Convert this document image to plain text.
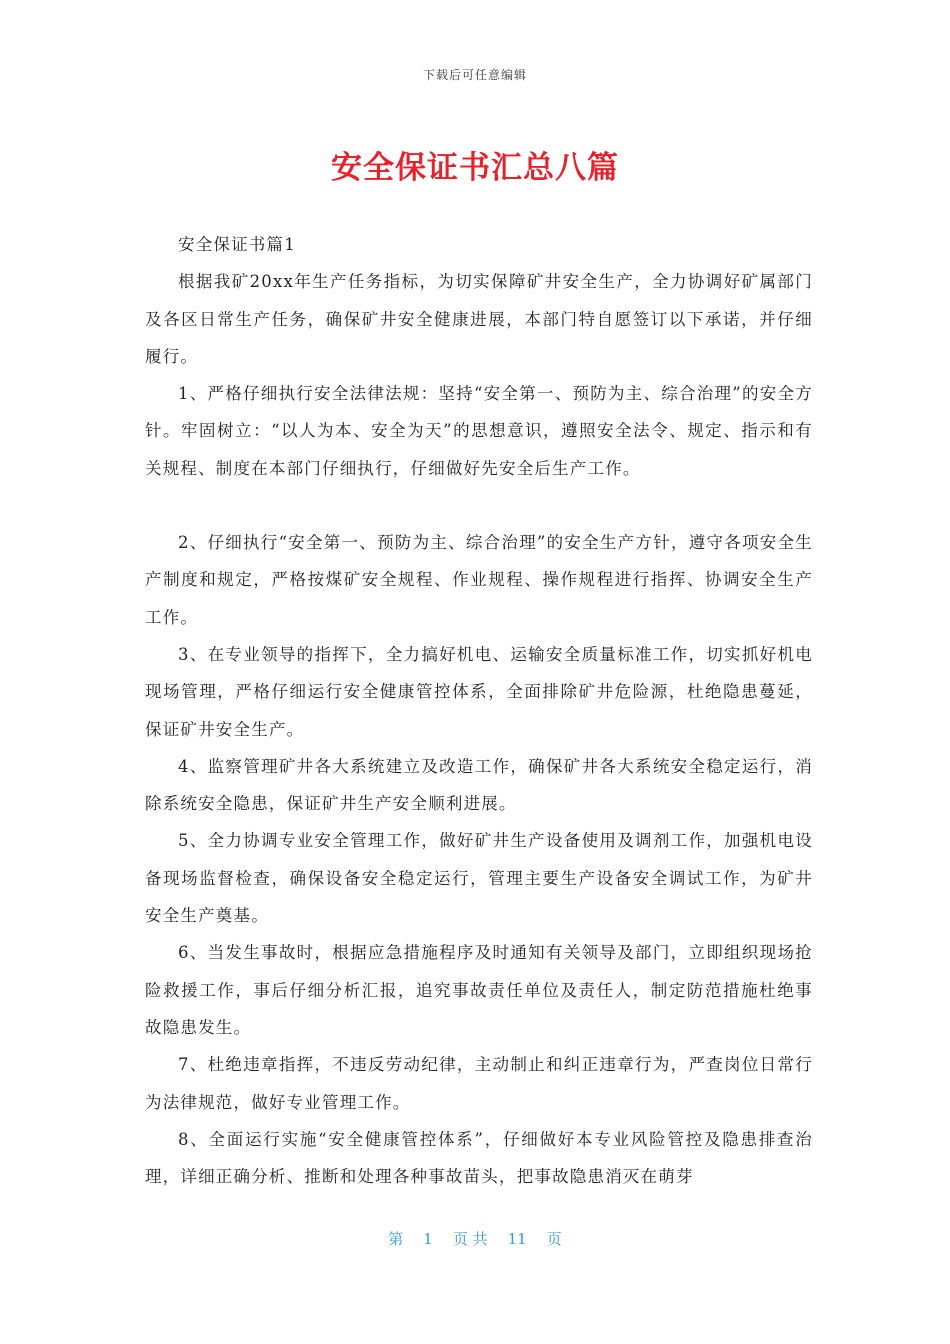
下载后可任意编辑
安全保证书汇总八篇

安全保证书篇1

根据我矿20xx年生产任务指标，为切实保障矿井安全生产，全力协调好矿属部门及各区日常生产任务，确保矿井安全健康进展，本部门特自愿签订以下承诺，并仔细履行。

1、严格仔细执行安全法律法规：坚持“安全第一、预防为主、综合治理”的安全方针。牢固树立：“以人为本、安全为天”的思想意识，遵照安全法令、规定、指示和有关规程、制度在本部门仔细执行，仔细做好先安全后生产工作。

2、仔细执行“安全第一、预防为主、综合治理”的安全生产方针，遵守各项安全生产制度和规定，严格按煤矿安全规程、作业规程、操作规程进行指挥、协调安全生产工作。

3、在专业领导的指挥下，全力搞好机电、运输安全质量标准工作，切实抓好机电现场管理，严格仔细运行安全健康管控体系，全面排除矿井危险源，杜绝隐患蔓延，保证矿井安全生产。

4、监察管理矿井各大系统建立及改造工作，确保矿井各大系统安全稳定运行，消除系统安全隐患，保证矿井生产安全顺利进展。

5、全力协调专业安全管理工作，做好矿井生产设备使用及调剂工作，加强机电设备现场监督检查，确保设备安全稳定运行，管理主要生产设备安全调试工作，为矿井安全生产奠基。

6、当发生事故时，根据应急措施程序及时通知有关领导及部门，立即组织现场抢险救援工作，事后仔细分析汇报，追究事故责任单位及责任人，制定防范措施杜绝事故隐患发生。

7、杜绝违章指挥，不违反劳动纪律，主动制止和纠正违章行为，严查岗位日常行为法律规范，做好专业管理工作。

8、全面运行实施“安全健康管控体系”，仔细做好本专业风险管控及隐患排查治理，详细正确分析、推断和处理各种事故苗头，把事故隐患消灭在萌芽

第 1 页 共 11 页
